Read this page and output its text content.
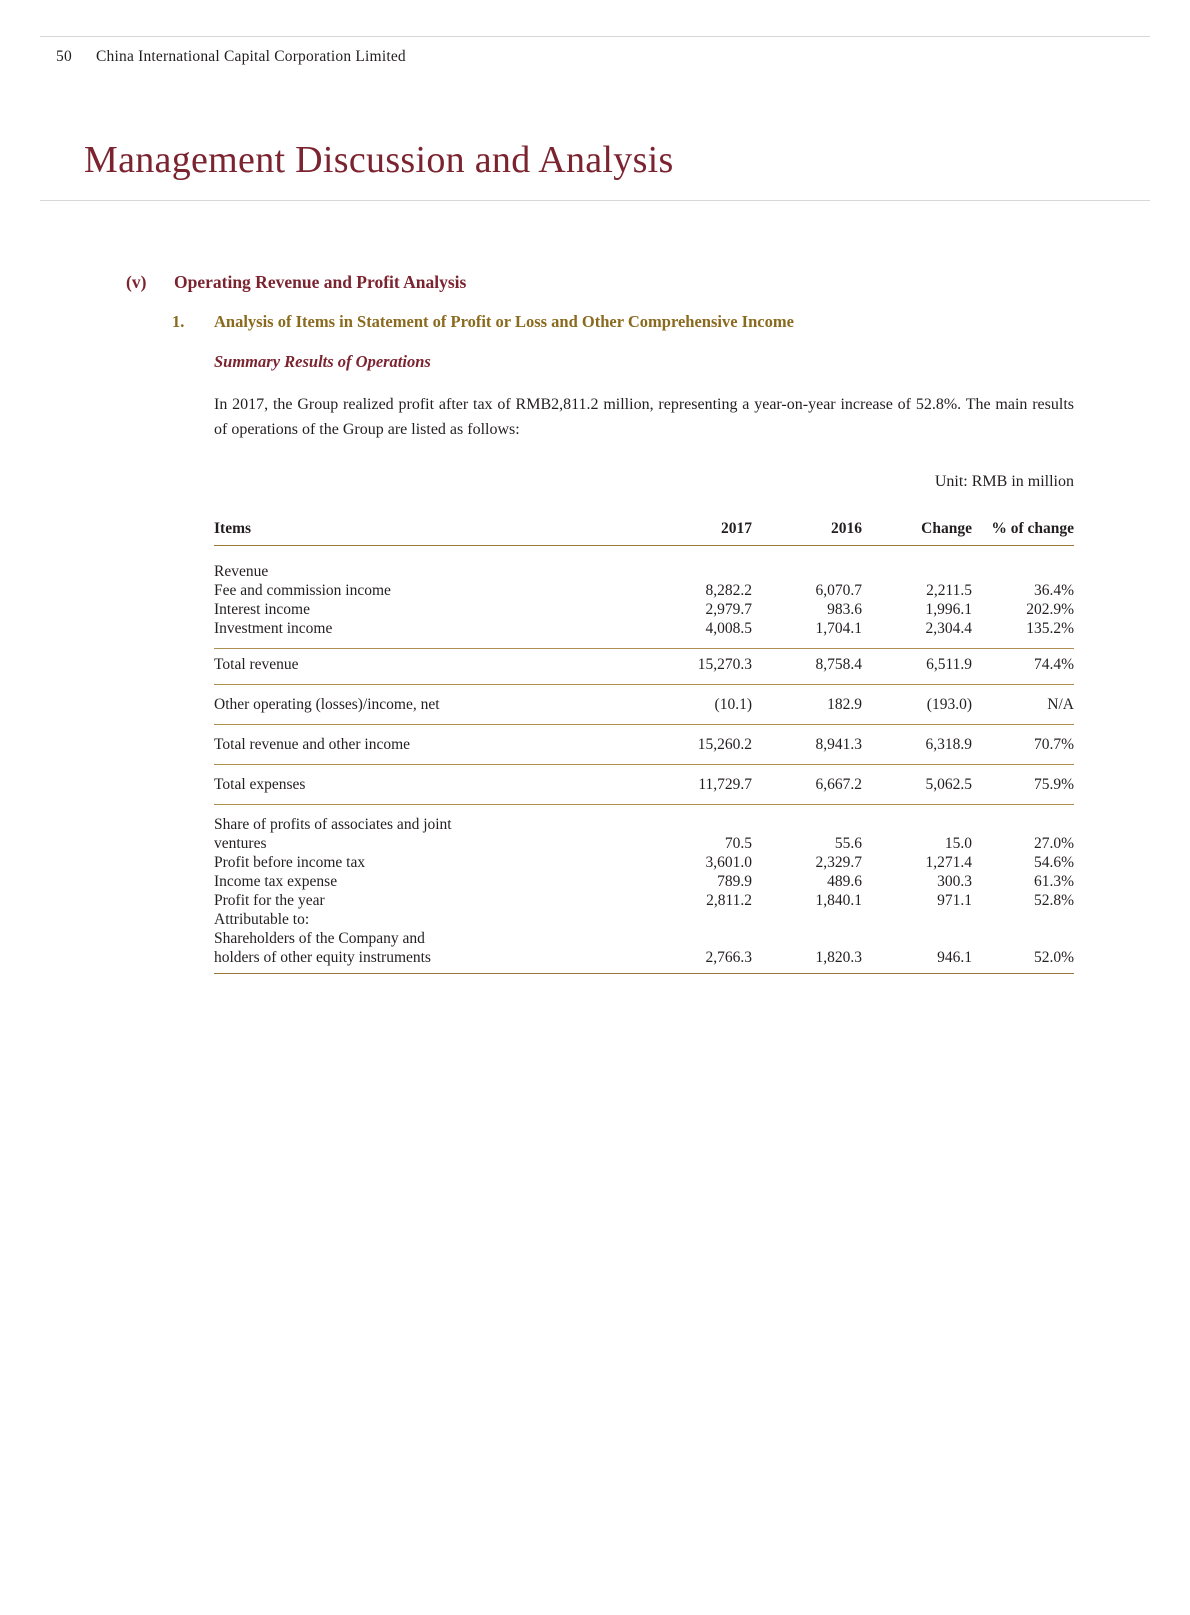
50 China International Capital Corporation Limited
Management Discussion and Analysis
(v) Operating Revenue and Profit Analysis
1. Analysis of Items in Statement of Profit or Loss and Other Comprehensive Income
Summary Results of Operations
In 2017, the Group realized profit after tax of RMB2,811.2 million, representing a year-on-year increase of 52.8%. The main results of operations of the Group are listed as follows:
Unit: RMB in million
Items	2017	2016	Change	% of change

Revenue				
Fee and commission income	8,282.2	6,070.7	2,211.5	36.4%
Interest income	2,979.7	983.6	1,996.1	202.9%
Investment income	4,008.5	1,704.1	2,304.4	135.2%

Total revenue	15,270.3	8,758.4	6,511.9	74.4%

Other operating (losses)/income, net	(10.1)	182.9	(193.0)	N/A

Total revenue and other income	15,260.2	8,941.3	6,318.9	70.7%

Total expenses	11,729.7	6,667.2	5,062.5	75.9%

Share of profits of associates and joint				
ventures	70.5	55.6	15.0	27.0%
Profit before income tax	3,601.0	2,329.7	1,271.4	54.6%
Income tax expense	789.9	489.6	300.3	61.3%
Profit for the year	2,811.2	1,840.1	971.1	52.8%
Attributable to:				
Shareholders of the Company and				
holders of other equity instruments	2,766.3	1,820.3	946.1	52.0%
